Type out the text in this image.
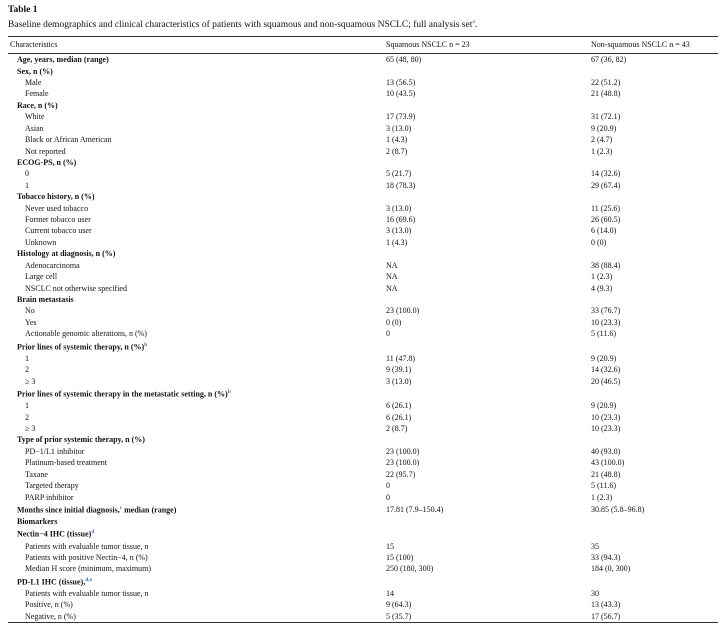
Table 1
Baseline demographics and clinical characteristics of patients with squamous and non-squamous NSCLC; full analysis set$^a$.
Characteristics	Squamous NSCLC n = 23	Non-squamous NSCLC n = 43
Age, years, median (range)	65 (48, 80)	67 (36, 82)
Sex, n (%)		
Male	13 (56.5)	22 (51.2)
Female	10 (43.5)	21 (48.8)
Race, n (%)		
White	17 (73.9)	31 (72.1)
Asian	3 (13.0)	9 (20.9)
Black or African American	1 (4.3)	2 (4.7)
Not reported	2 (8.7)	1 (2.3)
ECOG-PS, n (%)		
0	5 (21.7)	14 (32.6)
1	18 (78.3)	29 (67.4)
Tobacco history, n (%)		
Never used tobacco	3 (13.0)	11 (25.6)
Former tobacco user	16 (69.6)	26 (60.5)
Current tobacco user	3 (13.0)	6 (14.0)
Unknown	1 (4.3)	0 (0)
Histology at diagnosis, n (%)		
Adenocarcinoma	NA	38 (88.4)
Large cell	NA	1 (2.3)
NSCLC not otherwise specified	NA	4 (9.3)
Brain metastasis		
No	23 (100.0)	33 (76.7)
Yes	0 (0)	10 (23.3)
Actionable genomic alterations, n (%)	0	5 (11.6)
Prior lines of systemic therapy, n (%)$^b$		
1	11 (47.8)	9 (20.9)
2	9 (39.1)	14 (32.6)
≥ 3	3 (13.0)	20 (46.5)
Prior lines of systemic therapy in the metastatic setting, n (%)$^b$		
1	6 (26.1)	9 (20.9)
2	6 (26.1)	10 (23.3)
≥ 3	2 (8.7)	10 (23.3)
Type of prior systemic therapy, n (%)		
PD−1/L1 inhibitor	23 (100.0)	40 (93.0)
Platinum-based treatment	23 (100.0)	43 (100.0)
Taxane	22 (95.7)	21 (48.8)
Targeted therapy	0	5 (11.6)
PARP inhibitor	0	1 (2.3)
Months since initial diagnosis,$^c$ median (range)	17.81 (7.9–150.4)	30.85 (5.8–96.8)
Biomarkers		
Nectin−4 IHC (tissue)$^d$		
Patients with evaluable tumor tissue, n	15	35
Patients with positive Nectin−4, n (%)	15 (100)	33 (94.3)
Median H score (minimum, maximum)	250 (180, 300)	184 (0, 300)
PD-L1 IHC (tissue),$^{d,e}$		
Patients with evaluable tumor tissue, n	14	30
Positive, n (%)	9 (64.3)	13 (43.3)
Negative, n (%)	5 (35.7)	17 (56.7)
